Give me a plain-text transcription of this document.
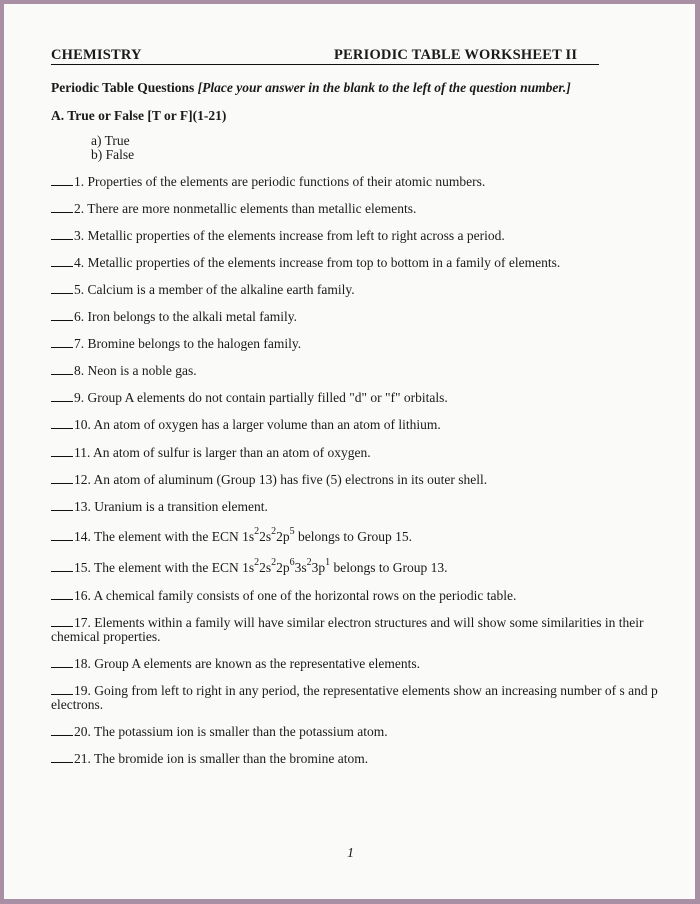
CHEMISTRY	PERIODIC TABLE WORKSHEET II
Periodic Table Questions [Place your answer in the blank to the left of the question number.]
A. True or False [T or F](1-21)
a) True
b) False
1. Properties of the elements are periodic functions of their atomic numbers.
2. There are more nonmetallic elements than metallic elements.
3. Metallic properties of the elements increase from left to right across a period.
4. Metallic properties of the elements increase from top to bottom in a family of elements.
5. Calcium is a member of the alkaline earth family.
6. Iron belongs to the alkali metal family.
7. Bromine belongs to the halogen family.
8. Neon is a noble gas.
9. Group A elements do not contain partially filled "d" or "f" orbitals.
10. An atom of oxygen has a larger volume than an atom of lithium.
11. An atom of sulfur is larger than an atom of oxygen.
12. An atom of aluminum (Group 13) has five (5) electrons in its outer shell.
13. Uranium is a transition element.
14. The element with the ECN $1s^22s^22p^5$ belongs to Group 15.
15. The element with the ECN $1s^22s^22p^63s^23p^1$ belongs to Group 13.
16. A chemical family consists of one of the horizontal rows on the periodic table.
17. Elements within a family will have similar electron structures and will show some similarities in their chemical properties.
18. Group A elements are known as the representative elements.
19. Going from left to right in any period, the representative elements show an increasing number of s and p electrons.
20. The potassium ion is smaller than the potassium atom.
21. The bromide ion is smaller than the bromine atom.
1
